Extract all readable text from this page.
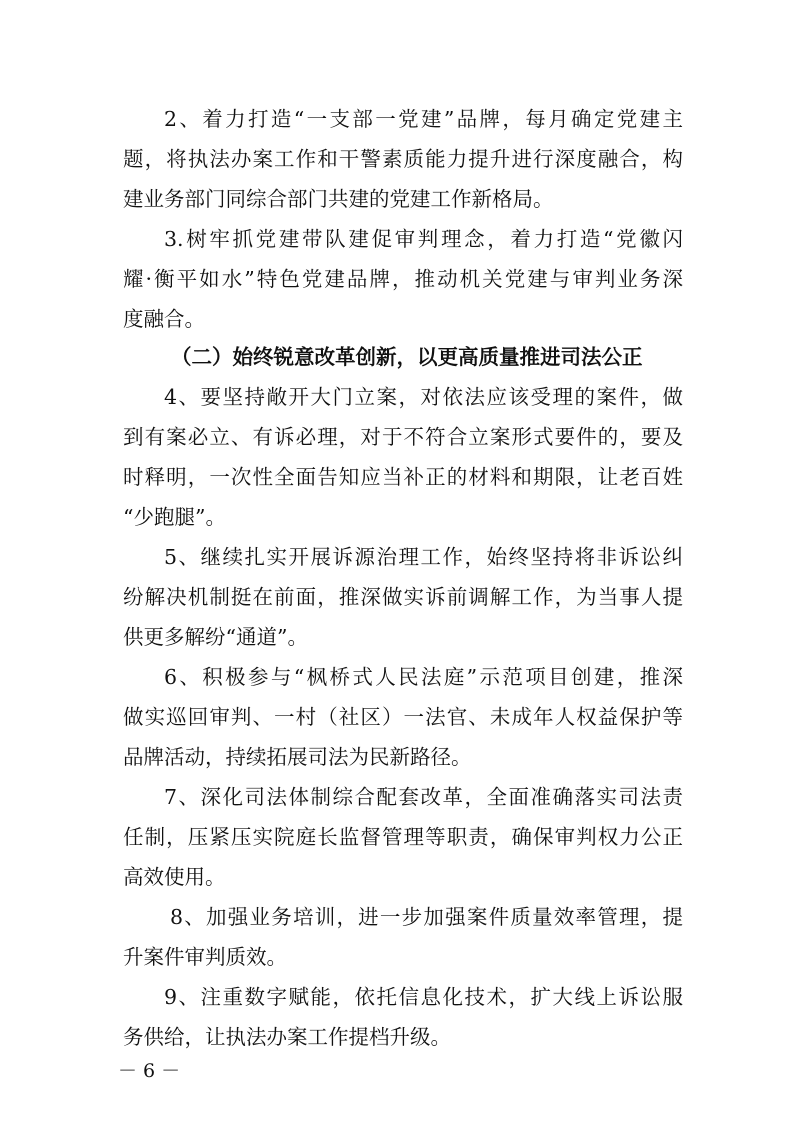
2、着力打造“一支部一党建”品牌，每月确定党建主
题，将执法办案工作和干警素质能力提升进行深度融合，构
建业务部门同综合部门共建的党建工作新格局。
3.树牢抓党建带队建促审判理念，着力打造“党徽闪
耀·衡平如水”特色党建品牌，推动机关党建与审判业务深
度融合。
（二）始终锐意改革创新，以更高质量推进司法公正
4、要坚持敞开大门立案，对依法应该受理的案件，做
到有案必立、有诉必理，对于不符合立案形式要件的，要及
时释明，一次性全面告知应当补正的材料和期限，让老百姓
“少跑腿”。
5、继续扎实开展诉源治理工作，始终坚持将非诉讼纠
纷解决机制挺在前面，推深做实诉前调解工作，为当事人提
供更多解纷“通道”。
6、积极参与“枫桥式人民法庭”示范项目创建，推深
做实巡回审判、一村（社区）一法官、未成年人权益保护等
品牌活动，持续拓展司法为民新路径。
7、深化司法体制综合配套改革，全面准确落实司法责
任制，压紧压实院庭长监督管理等职责，确保审判权力公正
高效使用。
8、加强业务培训，进一步加强案件质量效率管理，提
升案件审判质效。
9、注重数字赋能，依托信息化技术，扩大线上诉讼服
务供给，让执法办案工作提档升级。
－ 6 －
